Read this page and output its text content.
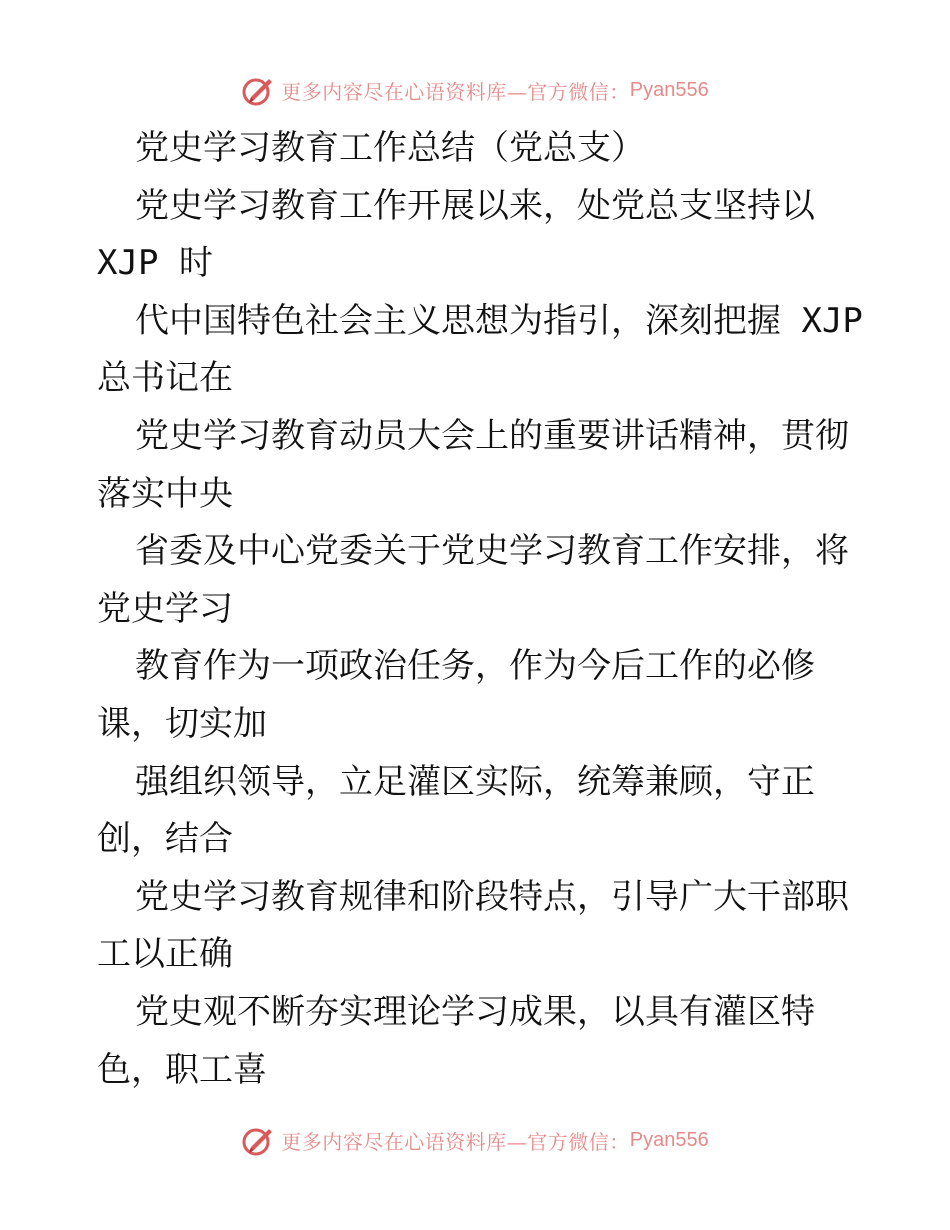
更多内容尽在心语资料库—官方微信： Pyan556
党史学习教育工作总结（党总支）
党史学习教育工作开展以来，处党总支坚持以
XJP 时
代中国特色社会主义思想为指引，深刻把握 XJP
总书记在
党史学习教育动员大会上的重要讲话精神，贯彻
落实中央
省委及中心党委关于党史学习教育工作安排，将
党史学习
教育作为一项政治任务，作为今后工作的必修
课，切实加
强组织领导，立足灌区实际，统筹兼顾，守正
创，结合
党史学习教育规律和阶段特点，引导广大干部职
工以正确
党史观不断夯实理论学习成果，以具有灌区特
色，职工喜
更多内容尽在心语资料库—官方微信： Pyan556
